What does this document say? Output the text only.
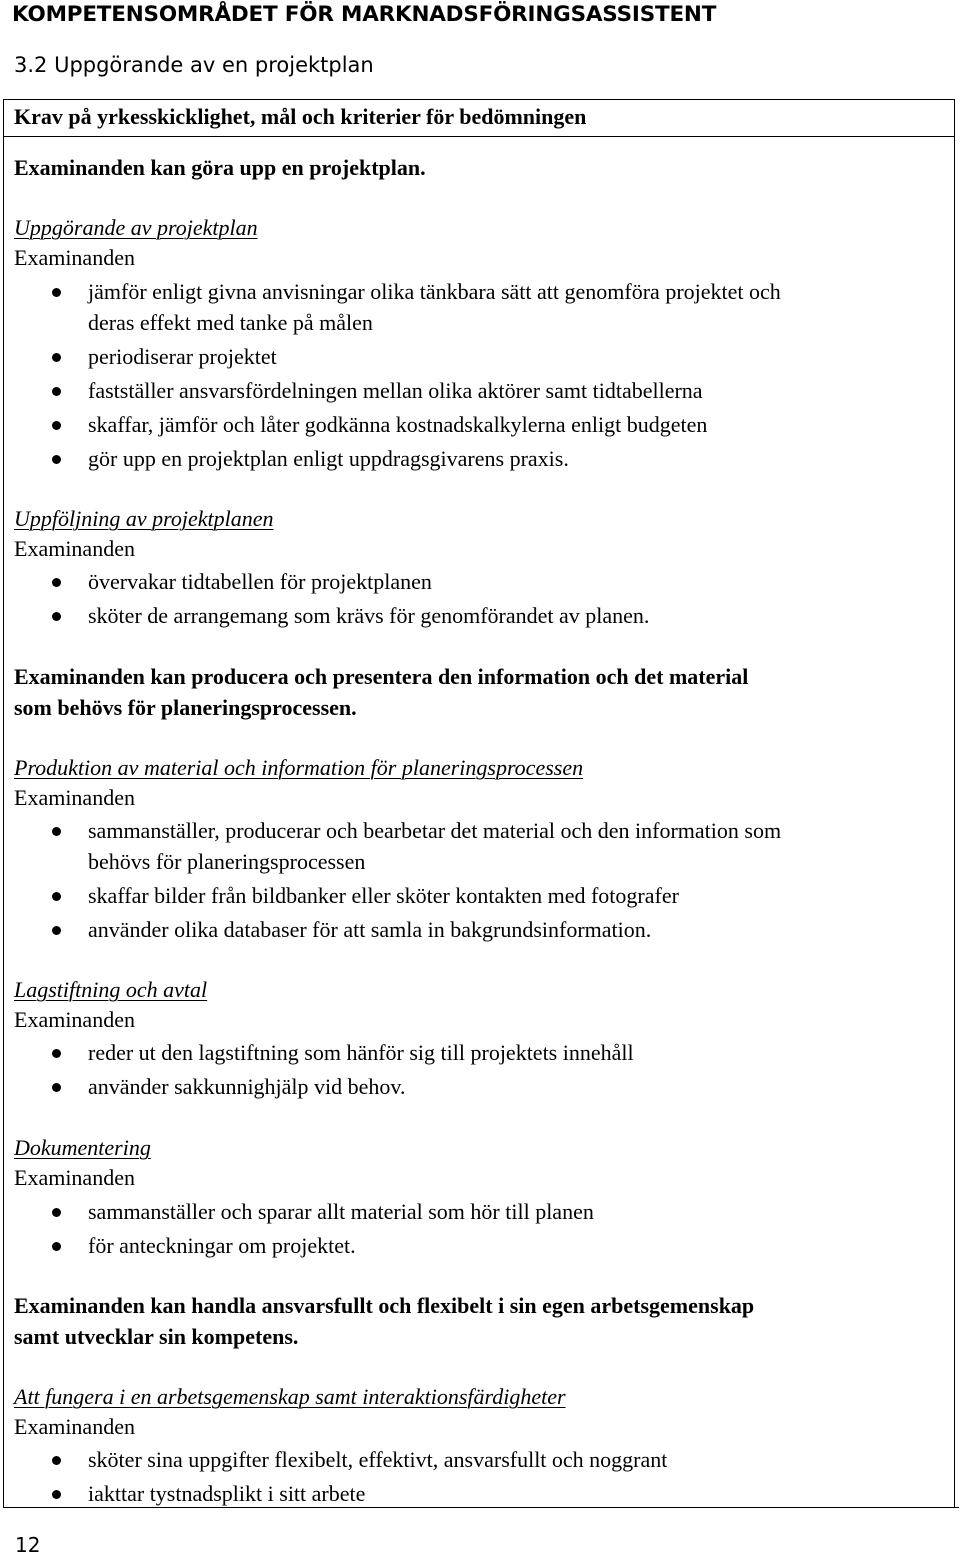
KOMPETENSOMRÅDET FÖR MARKNADSFÖRINGSASSISTENT
3.2 Uppgörande av en projektplan
Krav på yrkesskicklighet, mål och kriterier för bedömningen
Examinanden kan göra upp en projektplan.
Uppgörande av projektplan
Examinanden
jämför enligt givna anvisningar olika tänkbara sätt att genomföra projektet och
deras effekt med tanke på målen
periodiserar projektet
fastställer ansvarsfördelningen mellan olika aktörer samt tidtabellerna
skaffar, jämför och låter godkänna kostnadskalkylerna enligt budgeten
gör upp en projektplan enligt uppdragsgivarens praxis.
Uppföljning av projektplanen
Examinanden
övervakar tidtabellen för projektplanen
sköter de arrangemang som krävs för genomförandet av planen.
Examinanden kan producera och presentera den information och det material
som behövs för planeringsprocessen.
Produktion av material och information för planeringsprocessen
Examinanden
sammanställer, producerar och bearbetar det material och den information som
behövs för planeringsprocessen
skaffar bilder från bildbanker eller sköter kontakten med fotografer
använder olika databaser för att samla in bakgrundsinformation.
Lagstiftning och avtal
Examinanden
reder ut den lagstiftning som hänför sig till projektets innehåll
använder sakkunnighjälp vid behov.
Dokumentering
Examinanden
sammanställer och sparar allt material som hör till planen
för anteckningar om projektet.
Examinanden kan handla ansvarsfullt och flexibelt i sin egen arbetsgemenskap
samt utvecklar sin kompetens.
Att fungera i en arbetsgemenskap samt interaktionsfärdigheter
Examinanden
sköter sina uppgifter flexibelt, effektivt, ansvarsfullt och noggrant
iakttar tystnadsplikt i sitt arbete
12
